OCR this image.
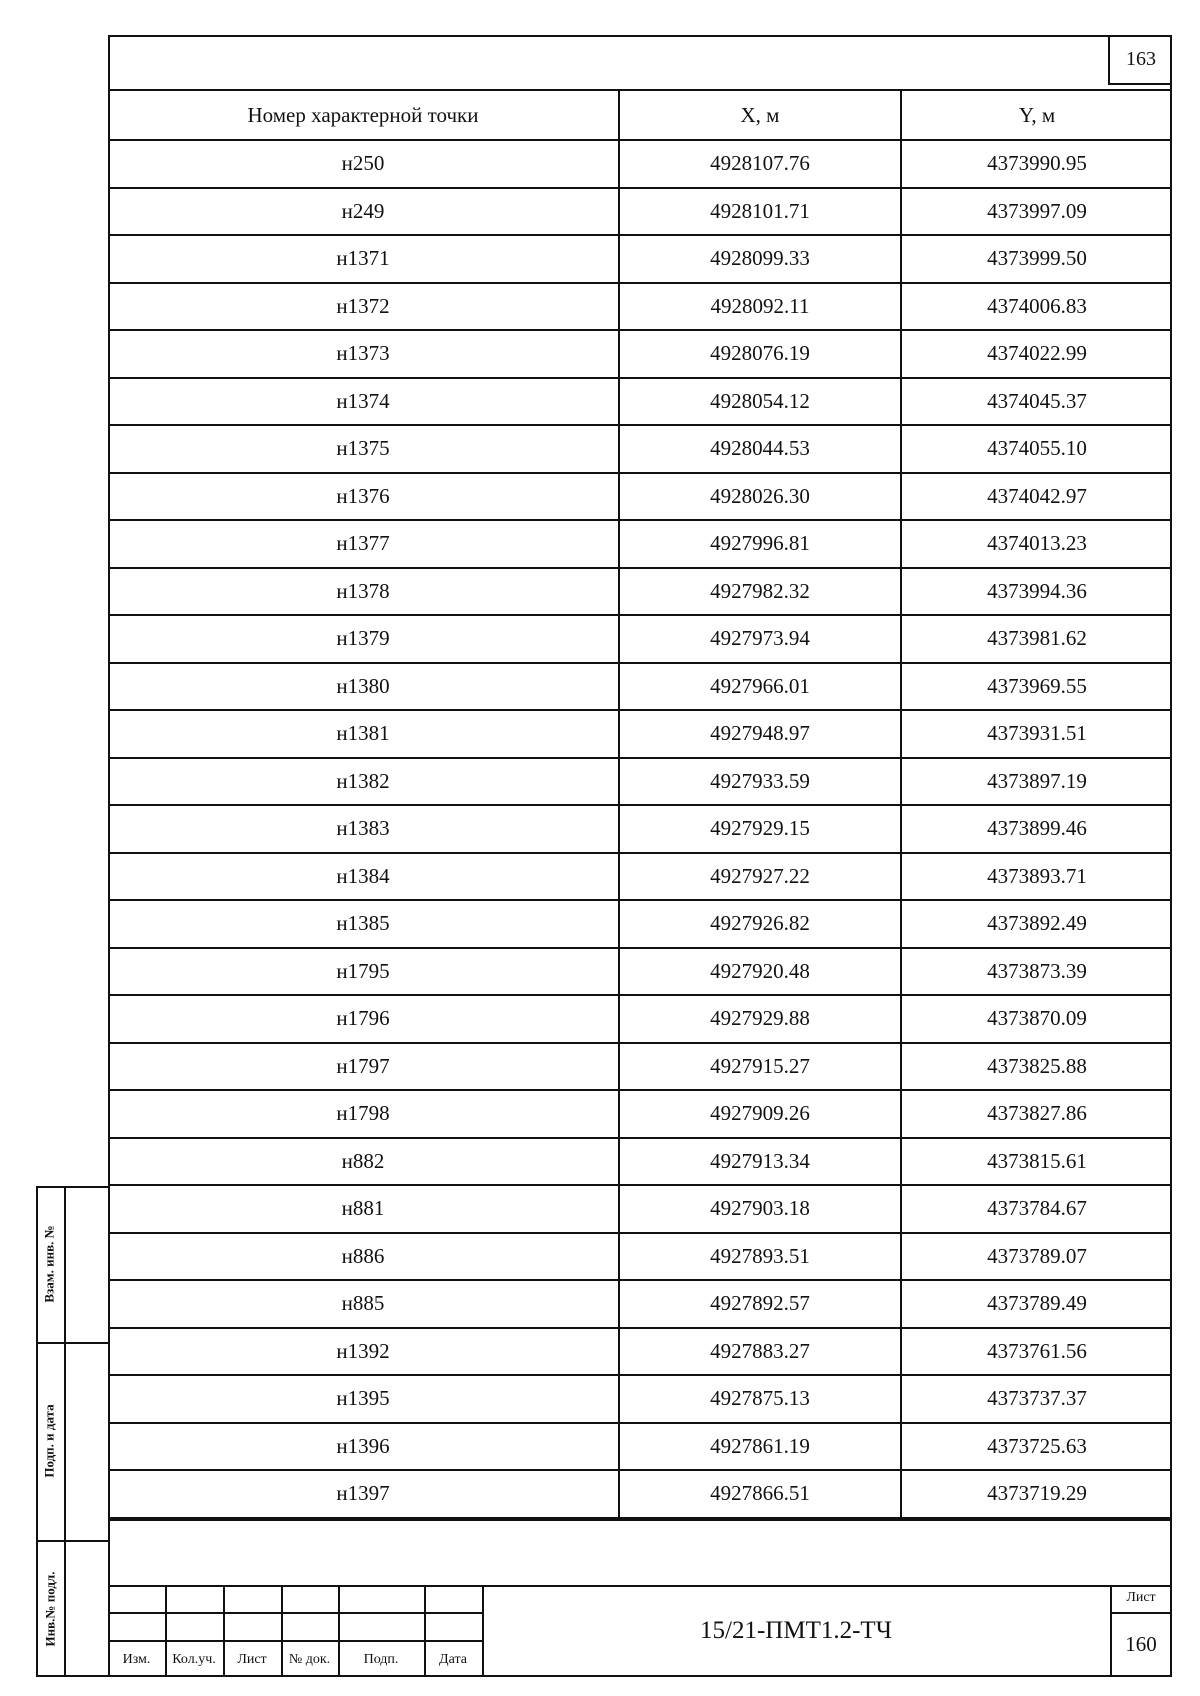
163
Номер характерной точки	X, м	Y, м
н250	4928107.76	4373990.95
н249	4928101.71	4373997.09
н1371	4928099.33	4373999.50
н1372	4928092.11	4374006.83
н1373	4928076.19	4374022.99
н1374	4928054.12	4374045.37
н1375	4928044.53	4374055.10
н1376	4928026.30	4374042.97
н1377	4927996.81	4374013.23
н1378	4927982.32	4373994.36
н1379	4927973.94	4373981.62
н1380	4927966.01	4373969.55
н1381	4927948.97	4373931.51
н1382	4927933.59	4373897.19
н1383	4927929.15	4373899.46
н1384	4927927.22	4373893.71
н1385	4927926.82	4373892.49
н1795	4927920.48	4373873.39
н1796	4927929.88	4373870.09
н1797	4927915.27	4373825.88
н1798	4927909.26	4373827.86
н882	4927913.34	4373815.61
н881	4927903.18	4373784.67
н886	4927893.51	4373789.07
н885	4927892.57	4373789.49
н1392	4927883.27	4373761.56
н1395	4927875.13	4373737.37
н1396	4927861.19	4373725.63
н1397	4927866.51	4373719.29
Взам. инв. №
Подп. и дата
Инв.№ подл.
Изм.	Кол.уч.	Лист	№ док.	Подп.	Дата
15/21-ПМТ1.2-ТЧ
Лист
160
